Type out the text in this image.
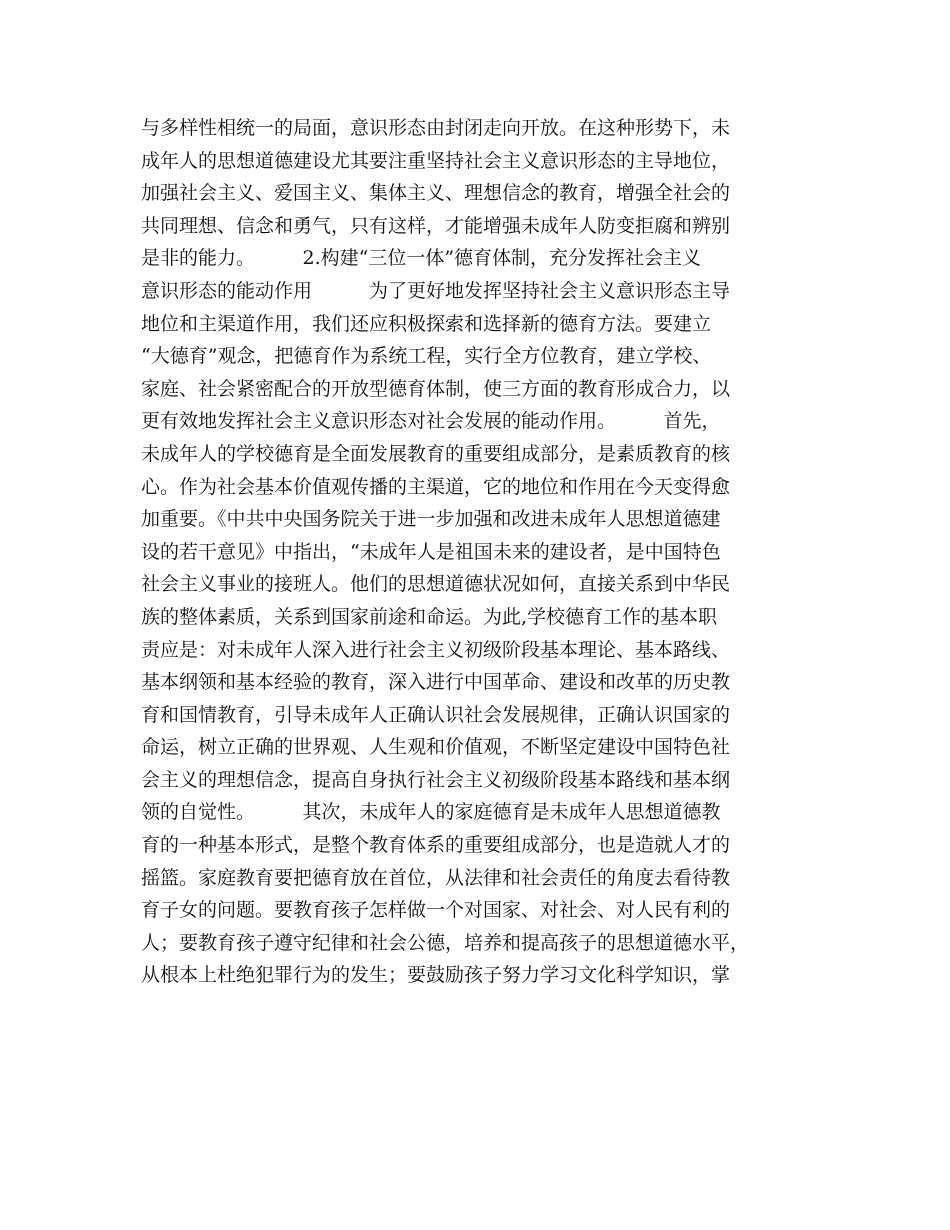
与多样性相统一的局面，意识形态由封闭走向开放。在这种形势下，未
成年人的思想道德建设尤其要注重坚持社会主义意识形态的主导地位，
加强社会主义、爱国主义、集体主义、理想信念的教育，增强全社会的
共同理想、信念和勇气，只有这样，才能增强未成年人防变拒腐和辨别
是非的能力。　　　2.构建“三位一体”德育体制，充分发挥社会主义
意识形态的能动作用　　　为了更好地发挥坚持社会主义意识形态主导
地位和主渠道作用，我们还应积极探索和选择新的德育方法。要建立
“大德育”观念，把德育作为系统工程，实行全方位教育，建立学校、
家庭、社会紧密配合的开放型德育体制，使三方面的教育形成合力，以
更有效地发挥社会主义意识形态对社会发展的能动作用。　　　首先，
未成年人的学校德育是全面发展教育的重要组成部分，是素质教育的核
心。作为社会基本价值观传播的主渠道，它的地位和作用在今天变得愈
加重要。《中共中央国务院关于进一步加强和改进未成年人思想道德建
设的若干意见》中指出，“未成年人是祖国未来的建设者，是中国特色
社会主义事业的接班人。他们的思想道德状况如何，直接关系到中华民
族的整体素质，关系到国家前途和命运。为此,学校德育工作的基本职
责应是：对未成年人深入进行社会主义初级阶段基本理论、基本路线、
基本纲领和基本经验的教育，深入进行中国革命、建设和改革的历史教
育和国情教育，引导未成年人正确认识社会发展规律，正确认识国家的
命运，树立正确的世界观、人生观和价值观，不断坚定建设中国特色社
会主义的理想信念，提高自身执行社会主义初级阶段基本路线和基本纲
领的自觉性。　　　其次，未成年人的家庭德育是未成年人思想道德教
育的一种基本形式，是整个教育体系的重要组成部分，也是造就人才的
摇篮。家庭教育要把德育放在首位，从法律和社会责任的角度去看待教
育子女的问题。要教育孩子怎样做一个对国家、对社会、对人民有利的
人；要教育孩子遵守纪律和社会公德，培养和提高孩子的思想道德水平，
从根本上杜绝犯罪行为的发生；要鼓励孩子努力学习文化科学知识，掌
